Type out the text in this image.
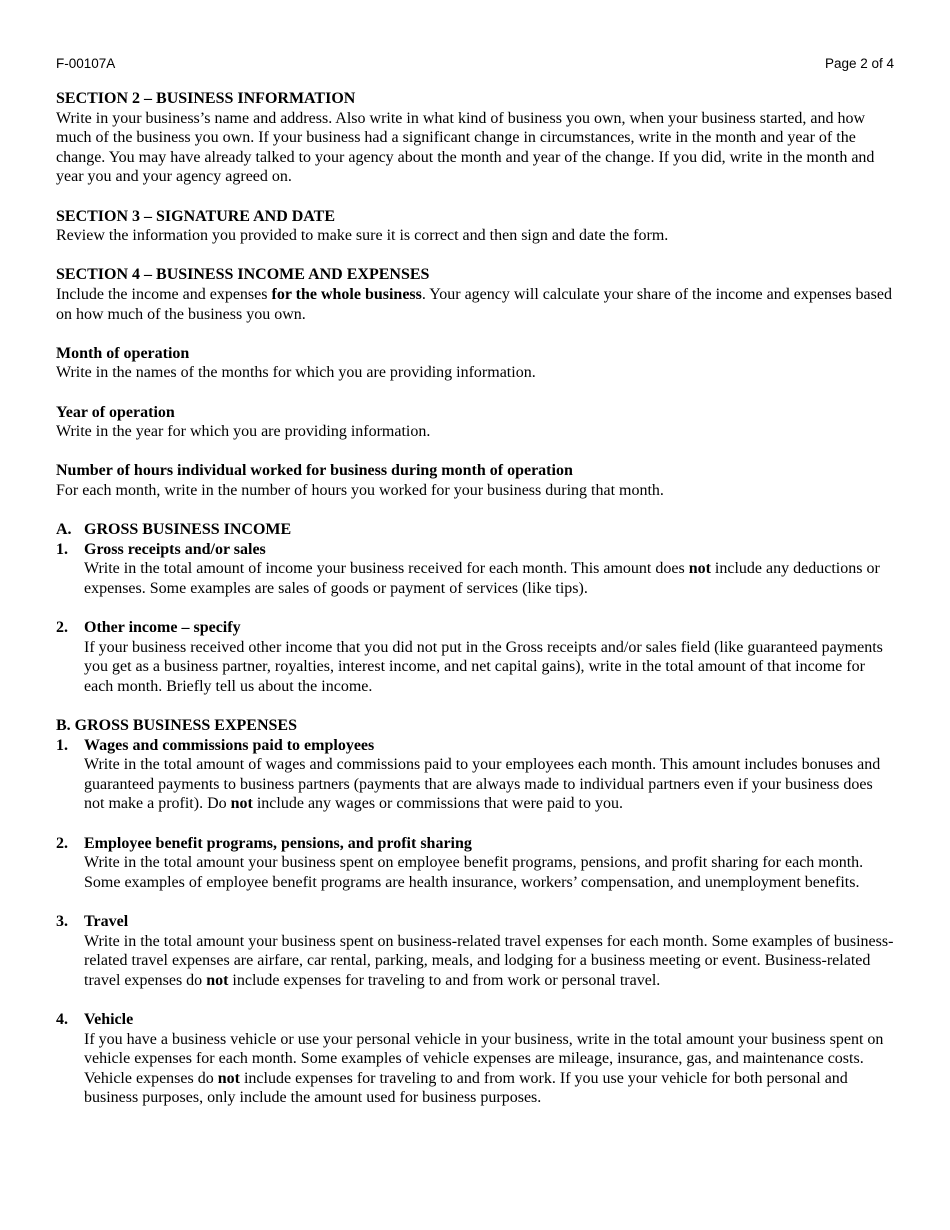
F-00107A	Page 2 of 4
SECTION 2 – BUSINESS INFORMATION
Write in your business’s name and address. Also write in what kind of business you own, when your business started, and how much of the business you own. If your business had a significant change in circumstances, write in the month and year of the change. You may have already talked to your agency about the month and year of the change. If you did, write in the month and year you and your agency agreed on.
SECTION 3 – SIGNATURE AND DATE
Review the information you provided to make sure it is correct and then sign and date the form.
SECTION 4 – BUSINESS INCOME AND EXPENSES
Include the income and expenses for the whole business. Your agency will calculate your share of the income and expenses based on how much of the business you own.
Month of operation
Write in the names of the months for which you are providing information.
Year of operation
Write in the year for which you are providing information.
Number of hours individual worked for business during month of operation
For each month, write in the number of hours you worked for your business during that month.
A. GROSS BUSINESS INCOME
1.	Gross receipts and/or sales
Write in the total amount of income your business received for each month. This amount does not include any deductions or expenses. Some examples are sales of goods or payment of services (like tips).
2.	Other income – specify
If your business received other income that you did not put in the Gross receipts and/or sales field (like guaranteed payments you get as a business partner, royalties, interest income, and net capital gains), write in the total amount of that income for each month. Briefly tell us about the income.
B. GROSS BUSINESS EXPENSES
1.	Wages and commissions paid to employees
Write in the total amount of wages and commissions paid to your employees each month. This amount includes bonuses and guaranteed payments to business partners (payments that are always made to individual partners even if your business does not make a profit). Do not include any wages or commissions that were paid to you.
2.	Employee benefit programs, pensions, and profit sharing
Write in the total amount your business spent on employee benefit programs, pensions, and profit sharing for each month. Some examples of employee benefit programs are health insurance, workers’ compensation, and unemployment benefits.
3.	Travel
Write in the total amount your business spent on business-related travel expenses for each month. Some examples of business-related travel expenses are airfare, car rental, parking, meals, and lodging for a business meeting or event. Business-related travel expenses do not include expenses for traveling to and from work or personal travel.
4.	Vehicle
If you have a business vehicle or use your personal vehicle in your business, write in the total amount your business spent on vehicle expenses for each month. Some examples of vehicle expenses are mileage, insurance, gas, and maintenance costs. Vehicle expenses do not include expenses for traveling to and from work. If you use your vehicle for both personal and business purposes, only include the amount used for business purposes.
